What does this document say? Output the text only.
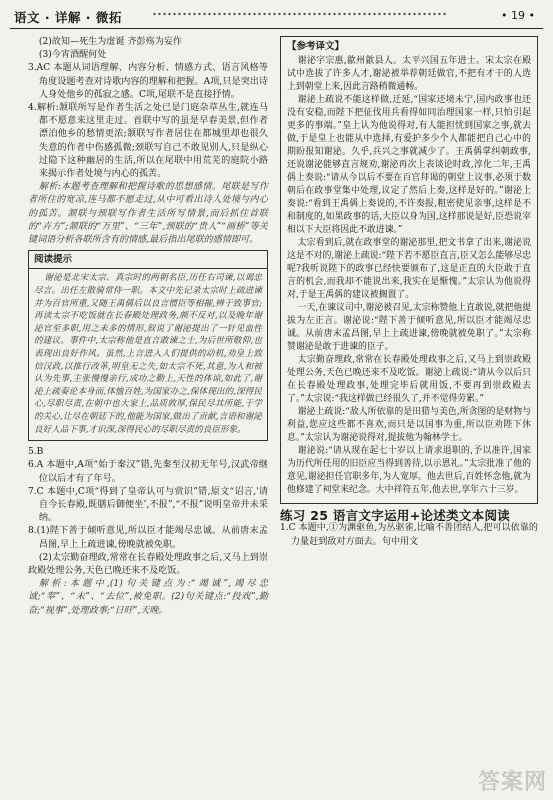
语文 · 详解 · 微拓	• 19 •

(2)故知—死生为虚诞 齐彭殇为妄作

(3)今宵酒醒何处

3.AC 本题从词语理解、内容分析、情感方式、语言风格等角度设题考查对诗歌内容的理解和把握。A项,只是突出诗人身处他乡的孤寂之感。C项,尾联不是直接抒情。

4.解析:颔联所写是作者生活之处已是门庭杂草丛生,就连马都不愿意来这里走过。首联中写的虽是早春美景,但作者漂泊他乡的愁情更浓;颔联写作者居住在都城里却也很久失意的作者中伤感孤微;颈联写自己不敢见别人,只是纵心过隐下这种幽居的生活,所以在尾联中用荒芜的庭院小路来揭示作者处境与内心的孤苦。

解析:本题考查理解和把握诗歌的思想感情。尾联是写作者所住的宽凉,连马都不愿走过,从中可看出诗人处境与内心的孤苦。颔联与颈联写作者生活所写情景,而后抓住首联的“卉方”;颔联的“万里”、“三年”,颈联的“贵人”“画桥”等关键词语分析各联所含有的情感,最后指出尾联的感情即可。

阅读提示

谢泌是北宋太宗、真宗时的两朝名臣,历任右司谏,以谒忠尽言。出任左散骑常侍一职。本文中先记录太宗时上疏进谏并为百官所重,又随王禹偁后以良言惯臣等相摧,辨于致事官;再读太宗不吃饭就在长春殿处理政务,颇不反对,以及晚年谢泌官至多职,用之未多的情形,叙说了谢泌提出了一针见血性的建议。事件中,太宗称他是直言敢谏之士,为后世所敬仰,也表现出良好作风。虽然,上言进入人们提供的动机,劝皇上致信汉政,以推行改革,明皇无之失,如太宗不死,其意,为人和被认为先事,主张慢慢亲行,成功之勤上,天性的体谅,如此了,谢泌上疏奏论本身而,体恤百姓,为国家办之,保体现出的,深得民心,尽职尽责,在朝中也大家上,品质敦厚,保民尽其所能,于学的关心,让尽在朝廷下的,他能为国家,做出了贡献,言语和谢泌良好人品下事,才识深,深得民心的尽职尽责的良臣形象。

5.B

6.A 本题中,A项“始于秦汉”错,先秦至汉初无年号,汉武帝继位以后才有了年号。

7.C 本题中,C项“得到了皇帝认可与赏识”错,原文“诏言,'请自今长春殿,既膳后御便坐’,不报”,“不报”说明皇帝并未采纳。

8.(1)陛下善于倾听意见,所以臣才能竭尽忠诚。从前唐末孟昌图,早上上疏进谏,傍晚就被免职。

(2)太宗勤奋理政,常常在长春殿处理政事之后,又马上到崇政殿处理公务,天色已晚还来不及吃饭。

解析:本题中,(1)句关键点为:“竭诚”,竭尽忠诚;“奉”、“未”、“去位”,被免职。(2)句关键点:“投戏”,勤奋;“视事”,处理政事;“日旰”,天晚。

【参考译文】

谢泌字宗惠,歙州歙县人。太平兴国五年进士。宋太宗在殿试中选拔了许多人才,谢泌被举荐朝廷做官,不把有才干的人选上到朝堂上来,因此言路稍微通畅。

谢泌上疏说不能这样做,迁延,“国家还境未宁,国内政事也还没有安稳,而陛下把征伐用兵看得如同治理国家一样,只怕引起更多的事端。”皇上认为他说得对,有人能担忧到国家之事,就去做,于是皇上也能从中选择,有爱护多少个人都能把自己心中的期盼报知谢泌。久乎,兵兴之事就减少了。王禹偁掌纠朝政事,还说谢泌能够直言规劝,谢泌再次上表谈论时政,淳化二年,王禹偁上奏说:“请从今以后不要在百官拜谒的朝堂上议事,必须于数朝后在政事堂集中处理,议定了然后上奏,这样是好的。”谢泌上奏说:“看到王禹偁上奏说的,不许奏报,粗密使见亲事,这样是不和制度的,如果政事的话,大臣以身为国,这样那说是好,臣恐说宰相以下大臣将因此不敢进谏。”

太宗看到后,就在政事堂的谢泌那里,把文书拿了出来,谢泌说这是不对的,谢泌上疏说:“陛下若不愿臣直言,臣又怎么能够尽忠呢?我听说陛下的政事已经快要颁布了,这是正直的大臣敢于直言的机会,而我却不能说出来,我实在是惭愧。”太宗认为他说得对,于是王禹偁的建议被搁置了。

一天,在谏议司中,谢泌被召见,太宗称赞他上直敢说,就把他提拔为左正言。谢泌说:“陛下善于倾听意见,所以臣才能竭尽忠诚。从前唐末孟昌图,早上上疏进谏,傍晚就被免职了。”太宗称赞谢泌是敢于进谏的臣子。

太宗勤奋理政,常常在长春殿处理政事之后,又马上到崇政殿处理公务,天色已晚还来不及吃饭。谢泌上疏说:“请从今以后只在长春殿处理政事,处理完毕后就用饭,不要再到崇政殿去了。”太宗说:“我这样做已经很久了,并不觉得劳累。”

谢泌上疏说:“敌人所依靠的是田猎与美色,所贪图的是财物与利益,您应这些都不喜欢,而只是以国事为重,所以臣劝陛下休息。”太宗认为谢泌说得对,提拔他为翰林学士。

谢泌说:“请从现在起七十岁以上请求退职的,予以准许,国家为历代所任用的旧臣应当得到善待,以示恩礼。”太宗批准了他的意见,谢泌担任官职多年,为人宽厚。他去世后,百姓怀念他,就为他修建了祠堂来纪念。大中祥符五年,他去世,享年六十三岁。

练习 25 语言文字运用+论述类文本阅读

1.C 本题中,①为渊驱鱼,为丛驱雀,比喻不善团结人,把可以依靠的力量赶到敌对方面去。句中用文

答案网
